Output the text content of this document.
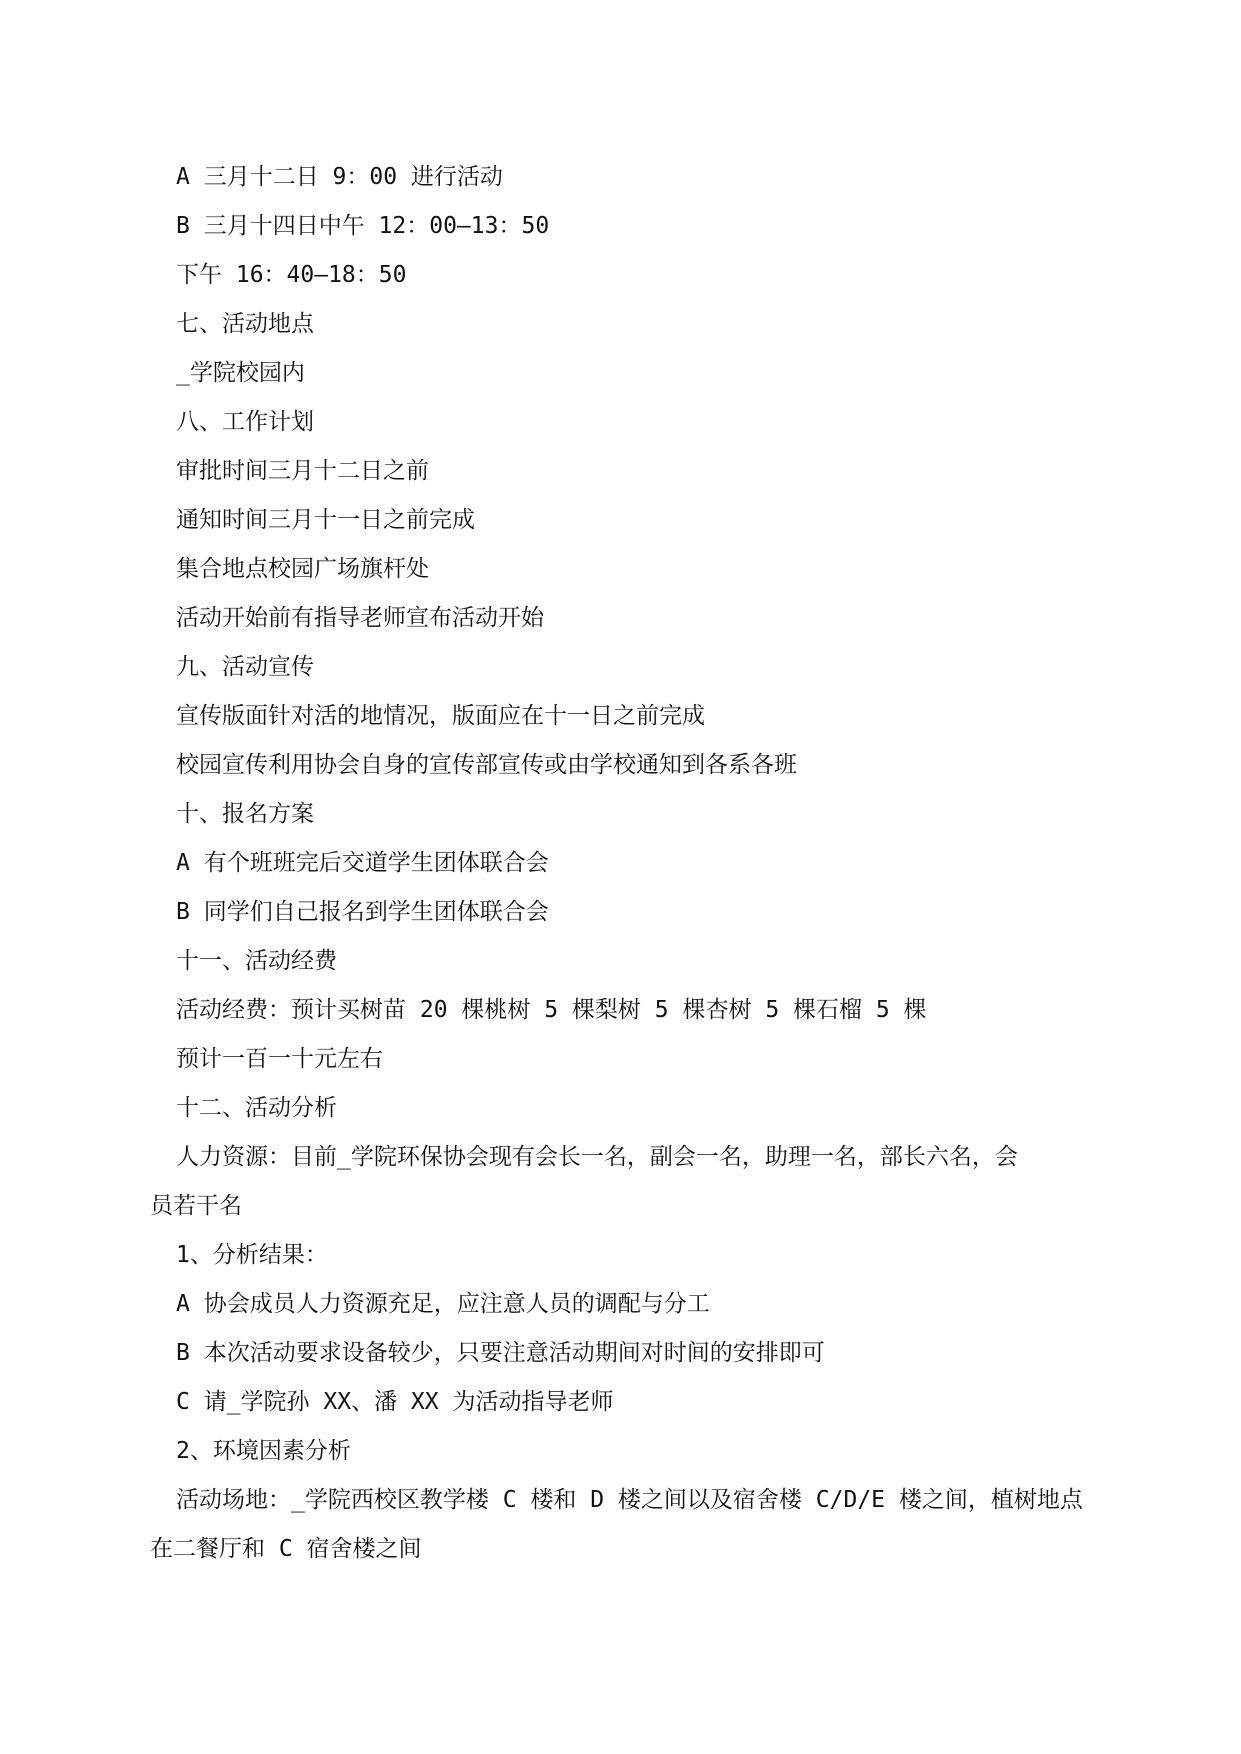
A 三月十二日 9：00 进行活动
B 三月十四日中午 12：00—13：50
下午 16：40—18：50
七、活动地点
_学院校园内
八、工作计划
审批时间三月十二日之前
通知时间三月十一日之前完成
集合地点校园广场旗杆处
活动开始前有指导老师宣布活动开始
九、活动宣传
宣传版面针对活的地情况，版面应在十一日之前完成
校园宣传利用协会自身的宣传部宣传或由学校通知到各系各班
十、报名方案
A 有个班班完后交道学生团体联合会
B 同学们自己报名到学生团体联合会
十一、活动经费
活动经费：预计买树苗 20 棵桃树 5 棵梨树 5 棵杏树 5 棵石榴 5 棵
预计一百一十元左右
十二、活动分析
人力资源：目前_学院环保协会现有会长一名，副会一名，助理一名，部长六名，会
员若干名
1、分析结果：
A 协会成员人力资源充足，应注意人员的调配与分工
B 本次活动要求设备较少，只要注意活动期间对时间的安排即可
C 请_学院孙 XX、潘 XX 为活动指导老师
2、环境因素分析
活动场地：_学院西校区教学楼 C 楼和 D 楼之间以及宿舍楼 C/D/E 楼之间，植树地点
在二餐厅和 C 宿舍楼之间
